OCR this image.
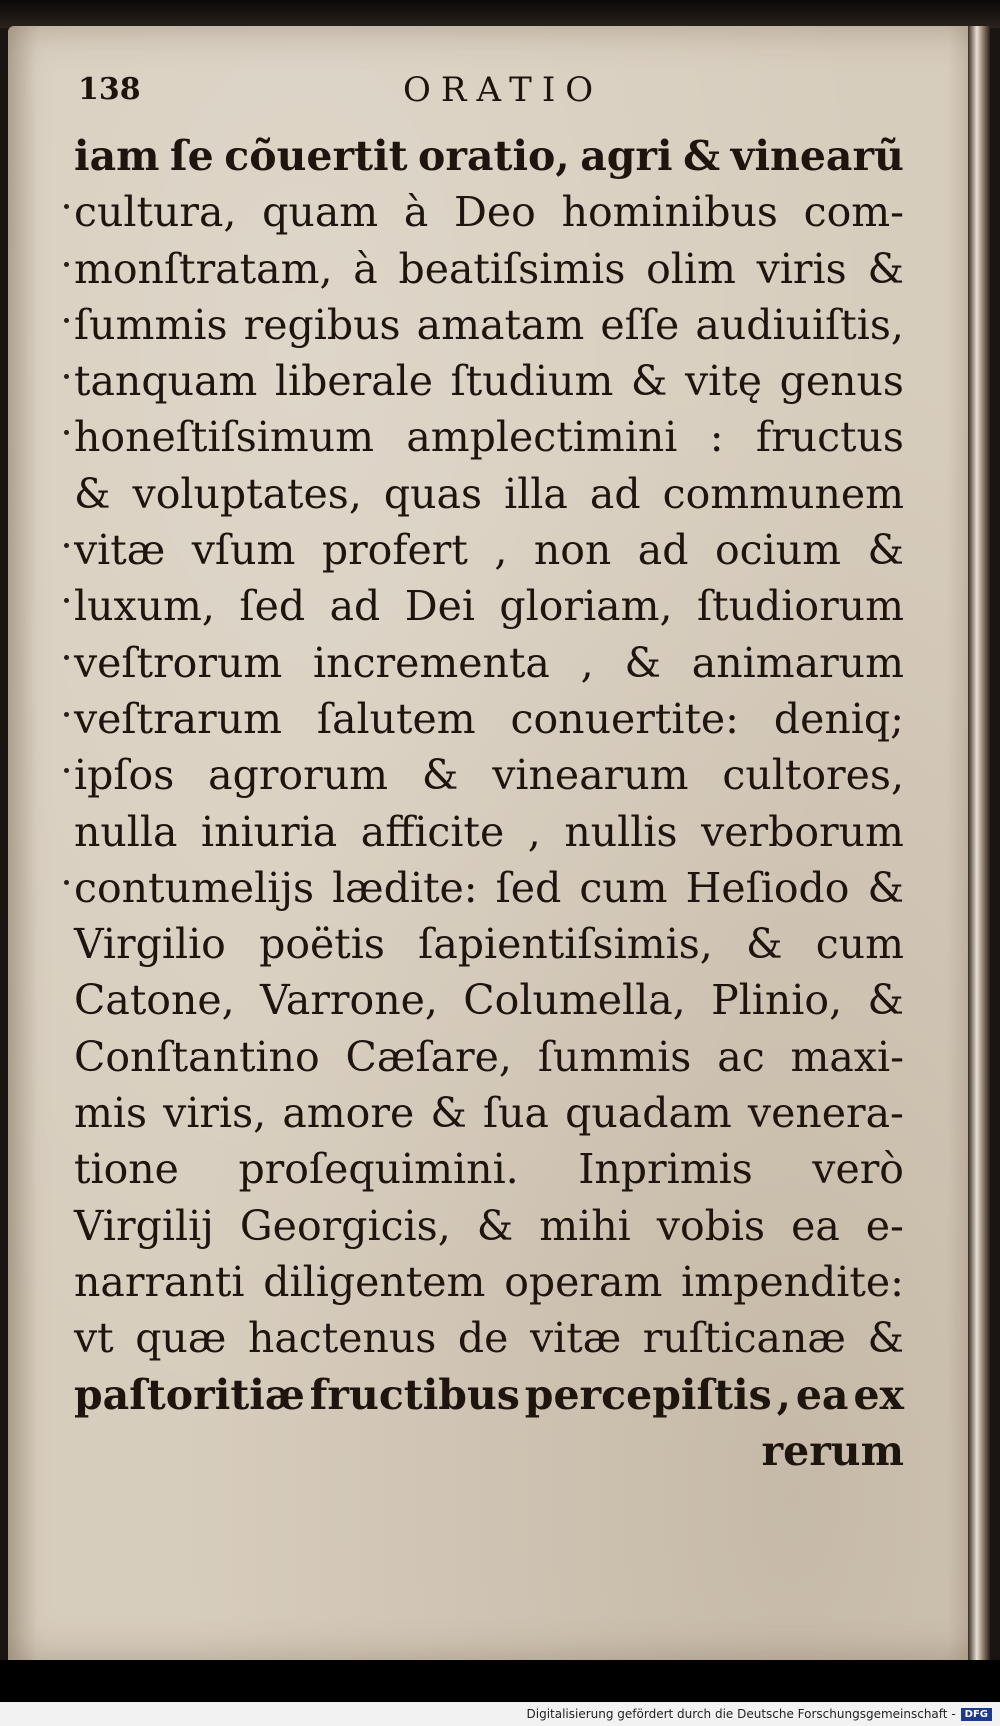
138	ORATIO
iam ſe cõuertit oratio, agri & vinearũ
cultura, quam à Deo hominibus com-
monſtratam, à beatiſsimis olim viris &
ſummis regibus amatam eſſe audiuiſtis,
tanquam liberale ſtudium & vitę genus
honeſtiſsimum amplectimini : fructus
& voluptates, quas illa ad communem
vitæ vſum profert , non ad ocium &
luxum, ſed ad Dei gloriam, ſtudiorum
veſtrorum incrementa , & animarum
veſtrarum ſalutem conuertite: deniq;
ipſos agrorum & vinearum cultores,
nulla iniuria afficite , nullis verborum
contumelijs lædite: ſed cum Heſiodo &
Virgilio poëtis ſapientiſsimis, & cum
Catone, Varrone, Columella, Plinio, &
Conſtantino Cæſare, ſummis ac maxi-
mis viris, amore & ſua quadam venera-
tione proſequimini. Inprimis verò
Virgilij Georgicis, & mihi vobis ea e-
narranti diligentem operam impendite:
vt quæ hactenus de vitæ ruſticanæ &
paſtoritiæ fructibus percepiſtis , ea ex
rerum
Digitalisierung gefördert durch die Deutsche Forschungsgemeinschaft - DFG
